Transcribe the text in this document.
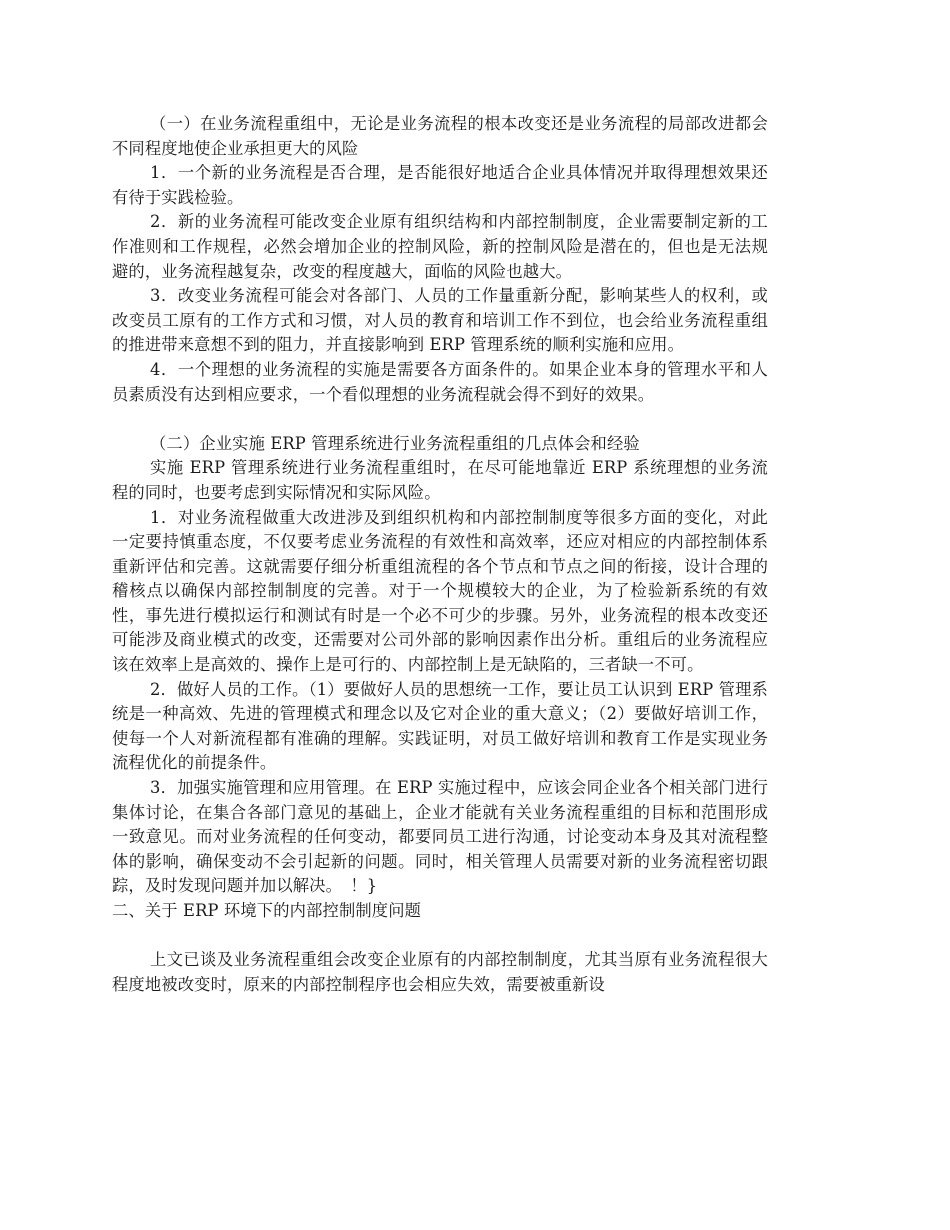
（一）在业务流程重组中，无论是业务流程的根本改变还是业务流程的局部改进都会不同程度地使企业承担更大的风险

1．一个新的业务流程是否合理，是否能很好地适合企业具体情况并取得理想效果还有待于实践检验。

2．新的业务流程可能改变企业原有组织结构和内部控制制度，企业需要制定新的工作准则和工作规程，必然会增加企业的控制风险，新的控制风险是潜在的，但也是无法规避的，业务流程越复杂，改变的程度越大，面临的风险也越大。

3．改变业务流程可能会对各部门、人员的工作量重新分配，影响某些人的权利，或改变员工原有的工作方式和习惯，对人员的教育和培训工作不到位，也会给业务流程重组的推进带来意想不到的阻力，并直接影响到 ERP 管理系统的顺利实施和应用。

4．一个理想的业务流程的实施是需要各方面条件的。如果企业本身的管理水平和人员素质没有达到相应要求，一个看似理想的业务流程就会得不到好的效果。

（二）企业实施 ERP 管理系统进行业务流程重组的几点体会和经验

实施 ERP 管理系统进行业务流程重组时，在尽可能地靠近 ERP 系统理想的业务流程的同时，也要考虑到实际情况和实际风险。

1．对业务流程做重大改进涉及到组织机构和内部控制制度等很多方面的变化，对此一定要持慎重态度，不仅要考虑业务流程的有效性和高效率，还应对相应的内部控制体系重新评估和完善。这就需要仔细分析重组流程的各个节点和节点之间的衔接，设计合理的稽核点以确保内部控制制度的完善。对于一个规模较大的企业，为了检验新系统的有效性，事先进行模拟运行和测试有时是一个必不可少的步骤。另外，业务流程的根本改变还可能涉及商业模式的改变，还需要对公司外部的影响因素作出分析。重组后的业务流程应该在效率上是高效的、操作上是可行的、内部控制上是无缺陷的，三者缺一不可。

2．做好人员的工作。（1）要做好人员的思想统一工作，要让员工认识到 ERP 管理系统是一种高效、先进的管理模式和理念以及它对企业的重大意义；（2）要做好培训工作，使每一个人对新流程都有准确的理解。实践证明，对员工做好培训和教育工作是实现业务流程优化的前提条件。

3．加强实施管理和应用管理。在 ERP 实施过程中，应该会同企业各个相关部门进行集体讨论，在集合各部门意见的基础上，企业才能就有关业务流程重组的目标和范围形成一致意见。而对业务流程的任何变动，都要同员工进行沟通，讨论变动本身及其对流程整体的影响，确保变动不会引起新的问题。同时，相关管理人员需要对新的业务流程密切跟踪，及时发现问题并加以解决。　！}

二、关于 ERP 环境下的内部控制制度问题

上文已谈及业务流程重组会改变企业原有的内部控制制度，尤其当原有业务流程很大程度地被改变时，原来的内部控制程序也会相应失效，需要被重新设
